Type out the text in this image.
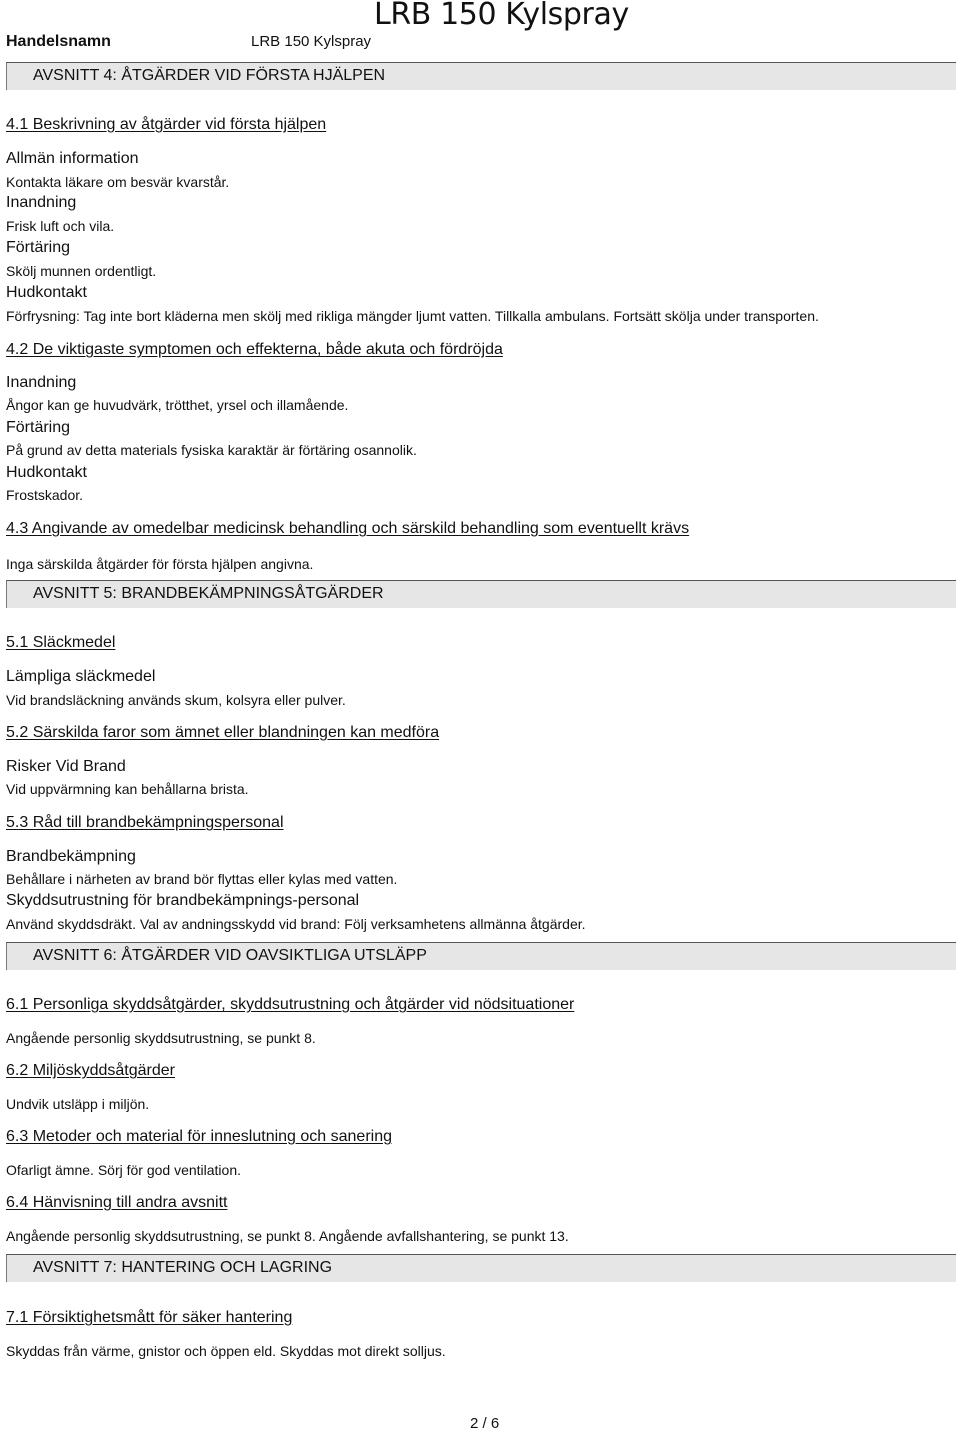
Handelsnamn	LRB 150 Kylspray
LRB 150 Kylspray
AVSNITT 4: ÅTGÄRDER VID FÖRSTA HJÄLPEN
4.1 Beskrivning av åtgärder vid första hjälpen
Allmän information
Kontakta läkare om besvär kvarstår.
Inandning
Frisk luft och vila.
Förtäring
Skölj munnen ordentligt.
Hudkontakt
Förfrysning: Tag inte bort kläderna men skölj med rikliga mängder ljumt vatten. Tillkalla ambulans. Fortsätt skölja under transporten.
4.2 De viktigaste symptomen och effekterna, både akuta och fördröjda
Inandning
Ångor kan ge huvudvärk, trötthet, yrsel och illamående.
Förtäring
På grund av detta materials fysiska karaktär är förtäring osannolik.
Hudkontakt
Frostskador.
4.3 Angivande av omedelbar medicinsk behandling och särskild behandling som eventuellt krävs
Inga särskilda åtgärder för första hjälpen angivna.
AVSNITT 5: BRANDBEKÄMPNINGSÅTGÄRDER
5.1 Släckmedel
Lämpliga släckmedel
Vid brandsläckning används skum, kolsyra eller pulver.
5.2 Särskilda faror som ämnet eller blandningen kan medföra
Risker Vid Brand
Vid uppvärmning kan behållarna brista.
5.3 Råd till brandbekämpningspersonal
Brandbekämpning
Behållare i närheten av brand bör flyttas eller kylas med vatten.
Skyddsutrustning för brandbekämpnings-personal
Använd skyddsdräkt. Val av andningsskydd vid brand: Följ verksamhetens allmänna åtgärder.
AVSNITT 6: ÅTGÄRDER VID OAVSIKTLIGA UTSLÄPP
6.1 Personliga skyddsåtgärder, skyddsutrustning och åtgärder vid nödsituationer
Angående personlig skyddsutrustning, se punkt 8.
6.2 Miljöskyddsåtgärder
Undvik utsläpp i miljön.
6.3 Metoder och material för inneslutning och sanering
Ofarligt ämne. Sörj för god ventilation.
6.4 Hänvisning till andra avsnitt
Angående personlig skyddsutrustning, se punkt 8. Angående avfallshantering, se punkt 13.
AVSNITT 7: HANTERING OCH LAGRING
7.1 Försiktighetsmått för säker hantering
Skyddas från värme, gnistor och öppen eld. Skyddas mot direkt solljus.
2 / 6
